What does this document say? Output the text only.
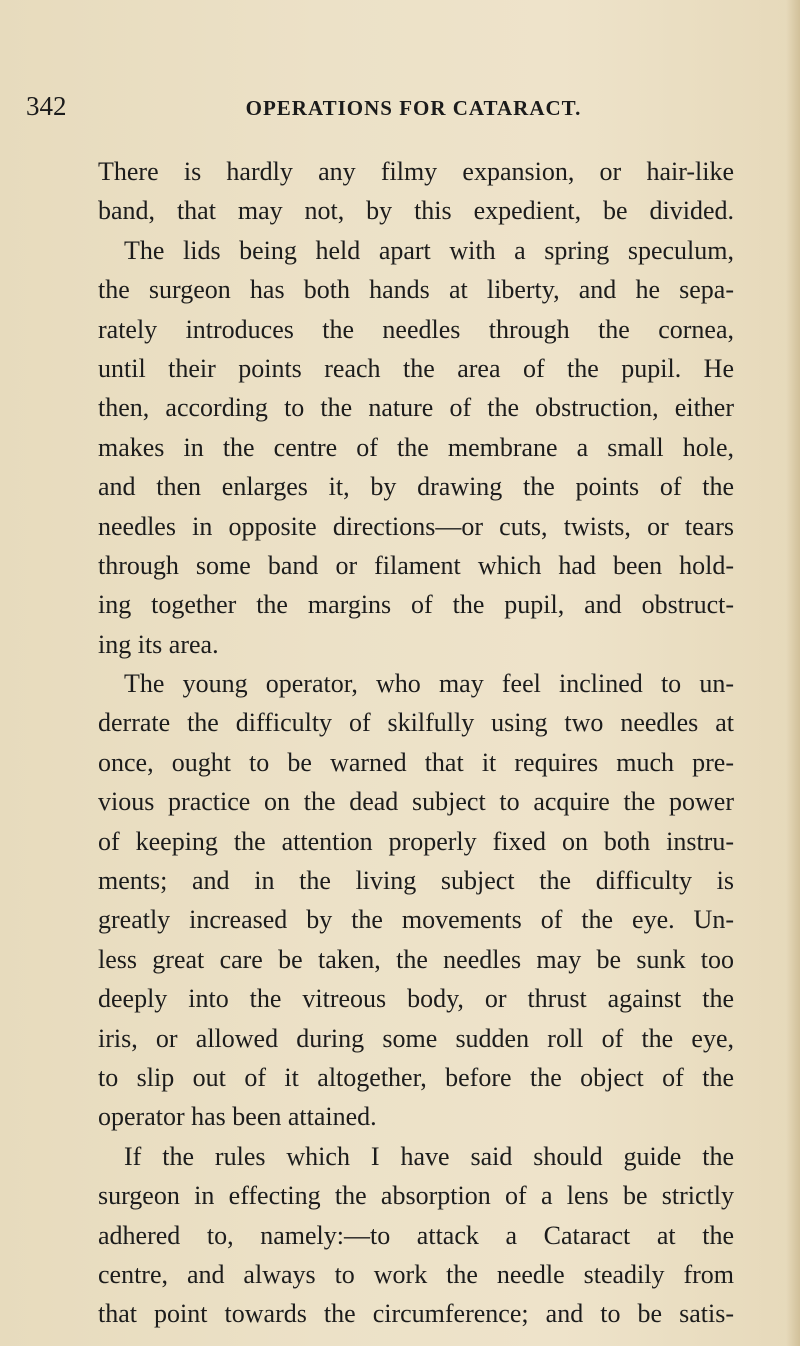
342	OPERATIONS FOR CATARACT.
There is hardly any filmy expansion, or hair-like
band, that may not, by this expedient, be divided.
The lids being held apart with a spring speculum,
the surgeon has both hands at liberty, and he sepa-
rately introduces the needles through the cornea,
until their points reach the area of the pupil. He
then, according to the nature of the obstruction, either
makes in the centre of the membrane a small hole,
and then enlarges it, by drawing the points of the
needles in opposite directions—or cuts, twists, or tears
through some band or filament which had been hold-
ing together the margins of the pupil, and obstruct-
ing its area.
The young operator, who may feel inclined to un-
derrate the difficulty of skilfully using two needles at
once, ought to be warned that it requires much pre-
vious practice on the dead subject to acquire the power
of keeping the attention properly fixed on both instru-
ments; and in the living subject the difficulty is
greatly increased by the movements of the eye. Un-
less great care be taken, the needles may be sunk too
deeply into the vitreous body, or thrust against the
iris, or allowed during some sudden roll of the eye,
to slip out of it altogether, before the object of the
operator has been attained.
If the rules which I have said should guide the
surgeon in effecting the absorption of a lens be strictly
adhered to, namely:—to attack a Cataract at the
centre, and always to work the needle steadily from
that point towards the circumference; and to be satis-
